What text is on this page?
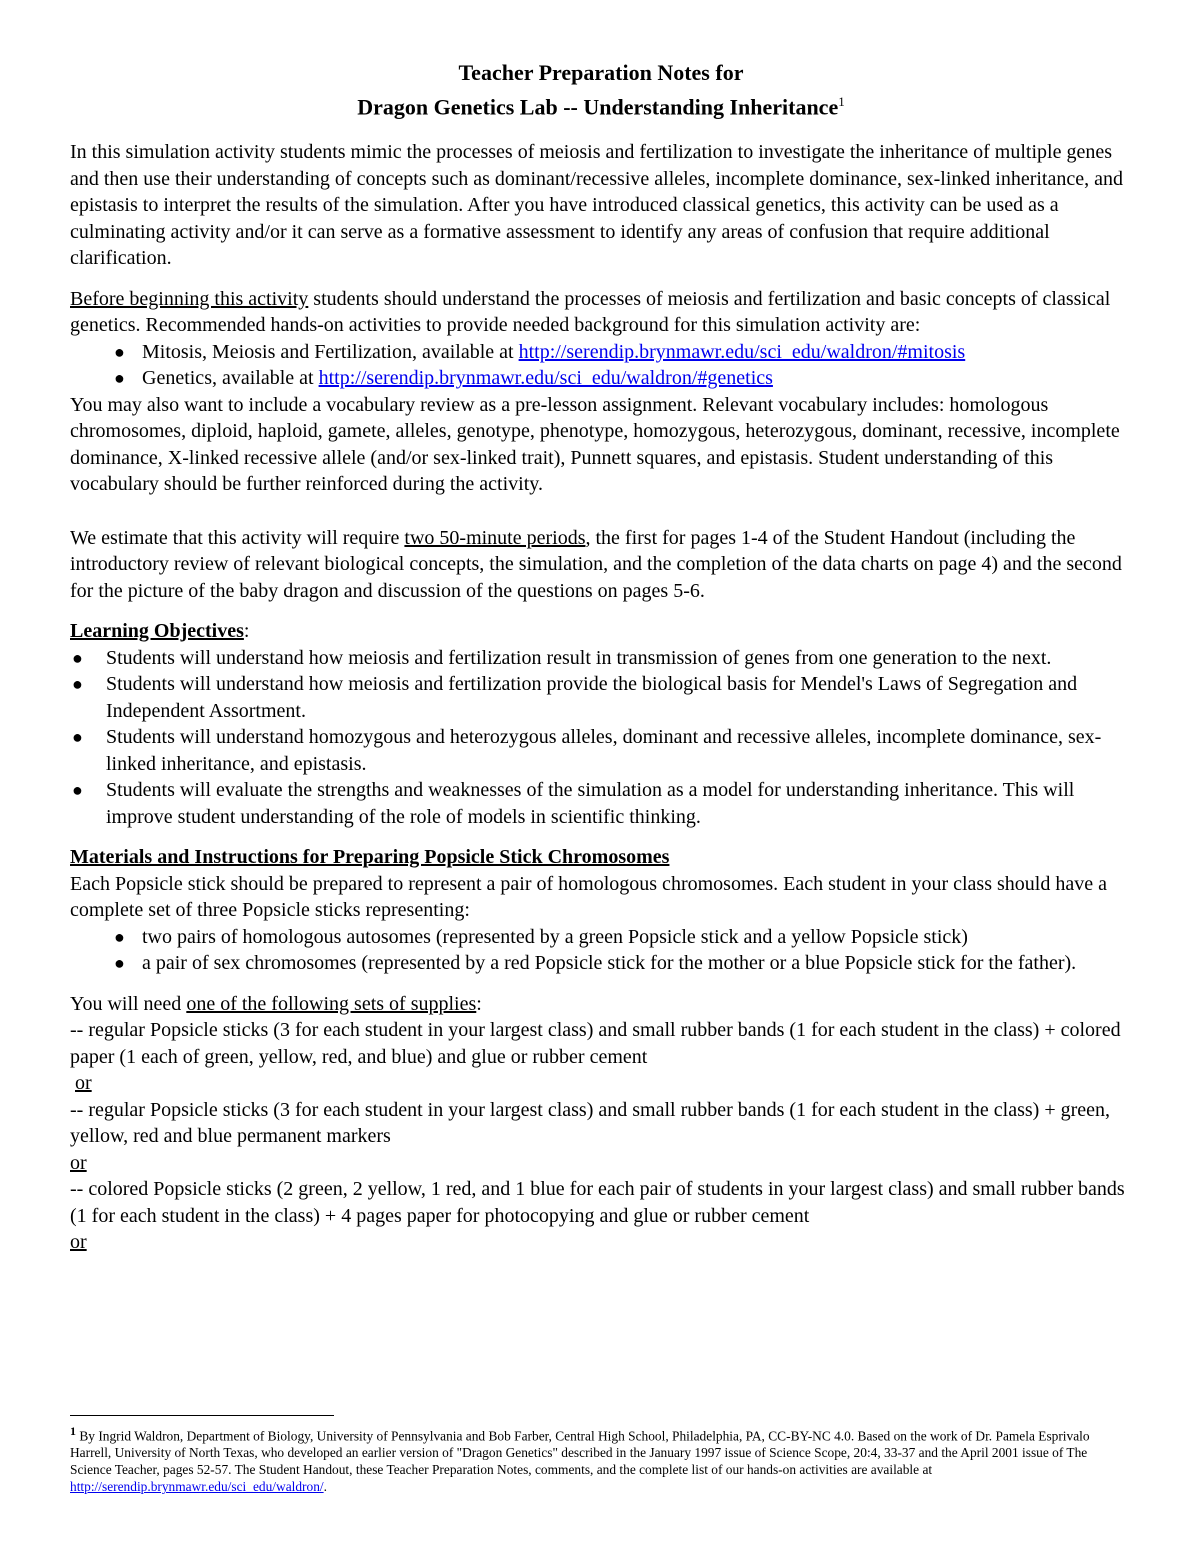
Teacher Preparation Notes for
Dragon Genetics Lab -- Understanding Inheritance$^1$

In this simulation activity students mimic the processes of meiosis and fertilization to investigate the inheritance of multiple genes and then use their understanding of concepts such as dominant/recessive alleles, incomplete dominance, sex-linked inheritance, and epistasis to interpret the results of the simulation. After you have introduced classical genetics, this activity can be used as a culminating activity and/or it can serve as a formative assessment to identify any areas of confusion that require additional clarification.

Before beginning this activity students should understand the processes of meiosis and fertilization and basic concepts of classical genetics. Recommended hands-on activities to provide needed background for this simulation activity are:

● Mitosis, Meiosis and Fertilization, available at http://serendip.brynmawr.edu/sci_edu/waldron/#mitosis
● Genetics, available at http://serendip.brynmawr.edu/sci_edu/waldron/#genetics

You may also want to include a vocabulary review as a pre-lesson assignment. Relevant vocabulary includes: homologous chromosomes, diploid, haploid, gamete, alleles, genotype, phenotype, homozygous, heterozygous, dominant, recessive, incomplete dominance, X-linked recessive allele (and/or sex-linked trait), Punnett squares, and epistasis. Student understanding of this vocabulary should be further reinforced during the activity.

We estimate that this activity will require two 50-minute periods, the first for pages 1-4 of the Student Handout (including the introductory review of relevant biological concepts, the simulation, and the completion of the data charts on page 4) and the second for the picture of the baby dragon and discussion of the questions on pages 5-6.

Learning Objectives:

● Students will understand how meiosis and fertilization result in transmission of genes from one generation to the next.
● Students will understand how meiosis and fertilization provide the biological basis for Mendel's Laws of Segregation and Independent Assortment.
● Students will understand homozygous and heterozygous alleles, dominant and recessive alleles, incomplete dominance, sex-linked inheritance, and epistasis.
● Students will evaluate the strengths and weaknesses of the simulation as a model for understanding inheritance. This will improve student understanding of the role of models in scientific thinking.

Materials and Instructions for Preparing Popsicle Stick Chromosomes

Each Popsicle stick should be prepared to represent a pair of homologous chromosomes. Each student in your class should have a complete set of three Popsicle sticks representing:

● two pairs of homologous autosomes (represented by a green Popsicle stick and a yellow Popsicle stick)
● a pair of sex chromosomes (represented by a red Popsicle stick for the mother or a blue Popsicle stick for the father).

You will need one of the following sets of supplies:

-- regular Popsicle sticks (3 for each student in your largest class) and small rubber bands (1 for each student in the class) + colored paper (1 each of green, yellow, red, and blue) and glue or rubber cement

or

-- regular Popsicle sticks (3 for each student in your largest class) and small rubber bands (1 for each student in the class) + green, yellow, red and blue permanent markers

or

-- colored Popsicle sticks (2 green, 2 yellow, 1 red, and 1 blue for each pair of students in your largest class) and small rubber bands (1 for each student in the class) + 4 pages paper for photocopying and glue or rubber cement

or

$^1$ By Ingrid Waldron, Department of Biology, University of Pennsylvania and Bob Farber, Central High School, Philadelphia, PA, CC-BY-NC 4.0. Based on the work of Dr. Pamela Esprivalo Harrell, University of North Texas, who developed an earlier version of "Dragon Genetics" described in the January 1997 issue of Science Scope, 20:4, 33-37 and the April 2001 issue of The Science Teacher, pages 52-57. The Student Handout, these Teacher Preparation Notes, comments, and the complete list of our hands-on activities are available at http://serendip.brynmawr.edu/sci_edu/waldron/.
